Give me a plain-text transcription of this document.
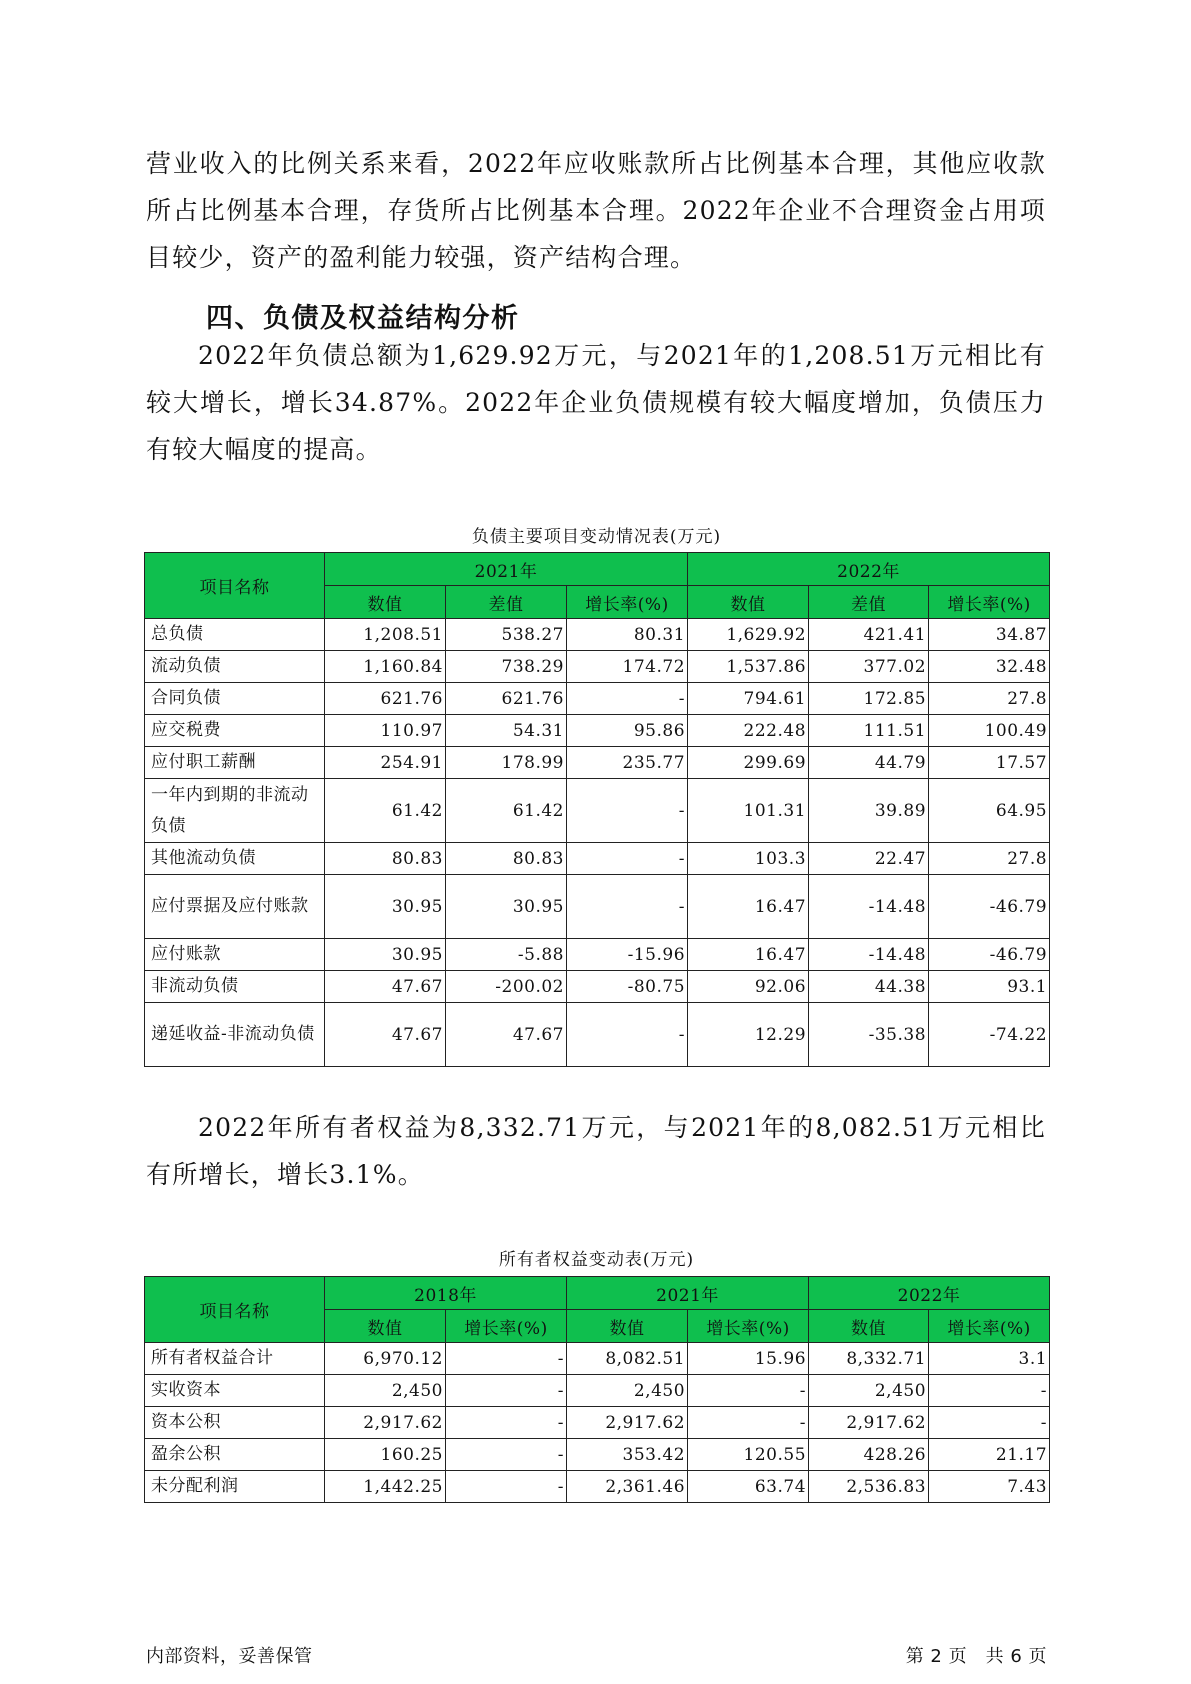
营业收入的比例关系来看，2022年应收账款所占比例基本合理，其他应收款所占比例基本合理，存货所占比例基本合理。2022年企业不合理资金占用项目较少，资产的盈利能力较强，资产结构合理。

四、负债及权益结构分析

2022年负债总额为1,629.92万元，与2021年的1,208.51万元相比有较大增长，增长34.87%。2022年企业负债规模有较大幅度增加，负债压力有较大幅度的提高。

负债主要项目变动情况表(万元)
项目名称	2021年			2022年		
	数值	差值	增长率(%)	数值	差值	增长率(%)
总负债	1,208.51	538.27	80.31	1,629.92	421.41	34.87
流动负债	1,160.84	738.29	174.72	1,537.86	377.02	32.48
合同负债	621.76	621.76	-	794.61	172.85	27.8
应交税费	110.97	54.31	95.86	222.48	111.51	100.49
应付职工薪酬	254.91	178.99	235.77	299.69	44.79	17.57
一年内到期的非流动负债	61.42	61.42	-	101.31	39.89	64.95
其他流动负债	80.83	80.83	-	103.3	22.47	27.8
应付票据及应付账款	30.95	30.95	-	16.47	-14.48	-46.79
应付账款	30.95	-5.88	-15.96	16.47	-14.48	-46.79
非流动负债	47.67	-200.02	-80.75	92.06	44.38	93.1
递延收益-非流动负债	47.67	47.67	-	12.29	-35.38	-74.22

2022年所有者权益为8,332.71万元，与2021年的8,082.51万元相比有所增长，增长3.1%。

所有者权益变动表(万元)
项目名称	2018年		2021年		2022年	
	数值	增长率(%)	数值	增长率(%)	数值	增长率(%)
所有者权益合计	6,970.12	-	8,082.51	15.96	8,332.71	3.1
实收资本	2,450	-	2,450	-	2,450	-
资本公积	2,917.62	-	2,917.62	-	2,917.62	-
盈余公积	160.25	-	353.42	120.55	428.26	21.17
未分配利润	1,442.25	-	2,361.46	63.74	2,536.83	7.43
内部资料，妥善保管	第 2 页　共 6 页
